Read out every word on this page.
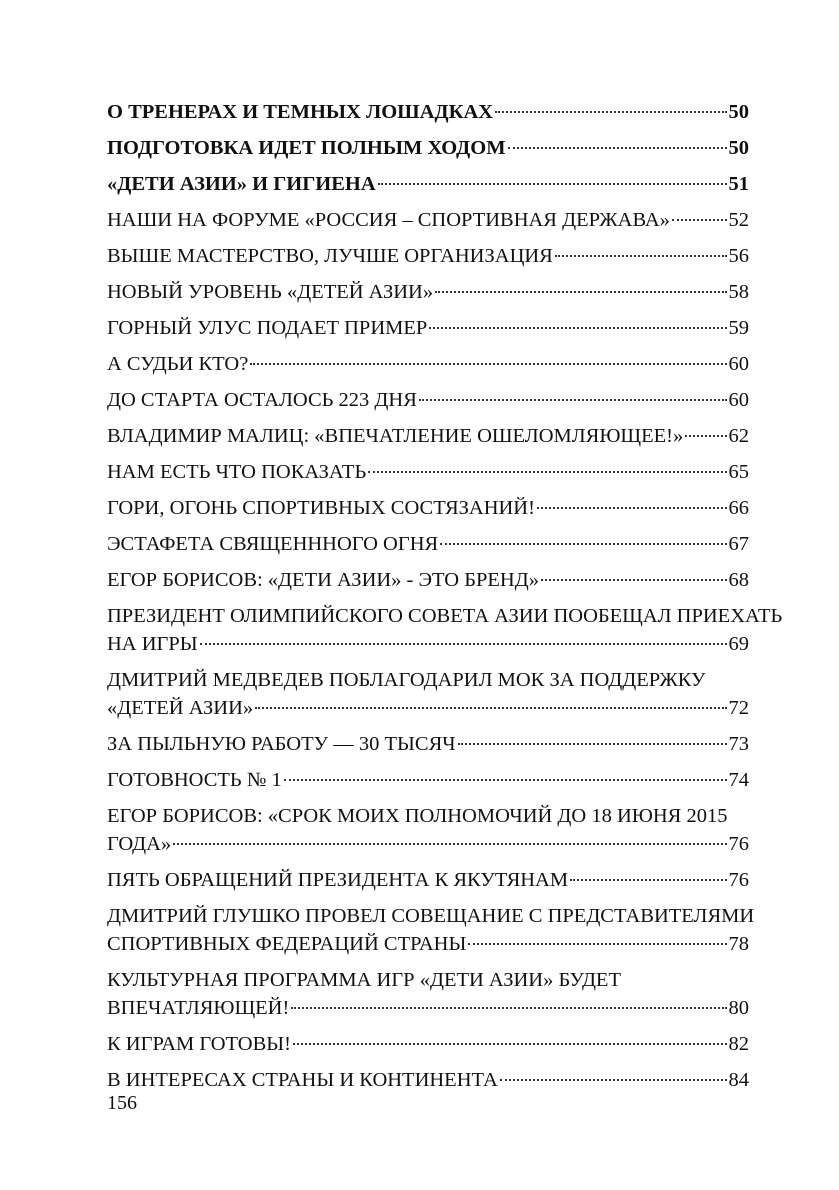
О ТРЕНЕРАХ И ТЕМНЫХ ЛОШАДКАХ	50
ПОДГОТОВКА ИДЕТ ПОЛНЫМ ХОДОМ	50
«ДЕТИ АЗИИ» И ГИГИЕНА	51
НАШИ НА ФОРУМЕ «РОССИЯ – СПОРТИВНАЯ ДЕРЖАВА»	52
ВЫШЕ МАСТЕРСТВО, ЛУЧШЕ ОРГАНИЗАЦИЯ	56
НОВЫЙ УРОВЕНЬ «ДЕТЕЙ АЗИИ»	58
ГОРНЫЙ УЛУС ПОДАЕТ ПРИМЕР	59
А СУДЬИ КТО?	60
ДО СТАРТА ОСТАЛОСЬ 223 ДНЯ	60
ВЛАДИМИР МАЛИЦ: «ВПЕЧАТЛЕНИЕ ОШЕЛОМЛЯЮЩЕЕ!» 62
НАМ ЕСТЬ ЧТО ПОКАЗАТЬ	65
ГОРИ, ОГОНЬ СПОРТИВНЫХ СОСТЯЗАНИЙ!	66
ЭСТАФЕТА СВЯЩЕНННОГО ОГНЯ	67
ЕГОР БОРИСОВ: «ДЕТИ АЗИИ» - ЭТО БРЕНД»	68
ПРЕЗИДЕНТ ОЛИМПИЙСКОГО СОВЕТА АЗИИ ПООБЕЩАЛ ПРИЕХАТЬ
НА ИГРЫ	69
ДМИТРИЙ МЕДВЕДЕВ ПОБЛАГОДАРИЛ МОК ЗА ПОДДЕРЖКУ
«ДЕТЕЙ АЗИИ»	72
ЗА ПЫЛЬНУЮ РАБОТУ — 30 ТЫСЯЧ	73
ГОТОВНОСТЬ № 1	74
ЕГОР БОРИСОВ: «СРОК МОИХ ПОЛНОМОЧИЙ ДО 18 ИЮНЯ 2015
ГОДА»	76
ПЯТЬ ОБРАЩЕНИЙ ПРЕЗИДЕНТА К ЯКУТЯНАМ	76
ДМИТРИЙ ГЛУШКО ПРОВЕЛ СОВЕЩАНИЕ С ПРЕДСТАВИТЕЛЯМИ
СПОРТИВНЫХ ФЕДЕРАЦИЙ СТРАНЫ	78
КУЛЬТУРНАЯ ПРОГРАММА ИГР «ДЕТИ АЗИИ» БУДЕТ
ВПЕЧАТЛЯЮЩЕЙ!	80
К ИГРАМ ГОТОВЫ!	82
В ИНТЕРЕСАХ СТРАНЫ И КОНТИНЕНТА	84
156
